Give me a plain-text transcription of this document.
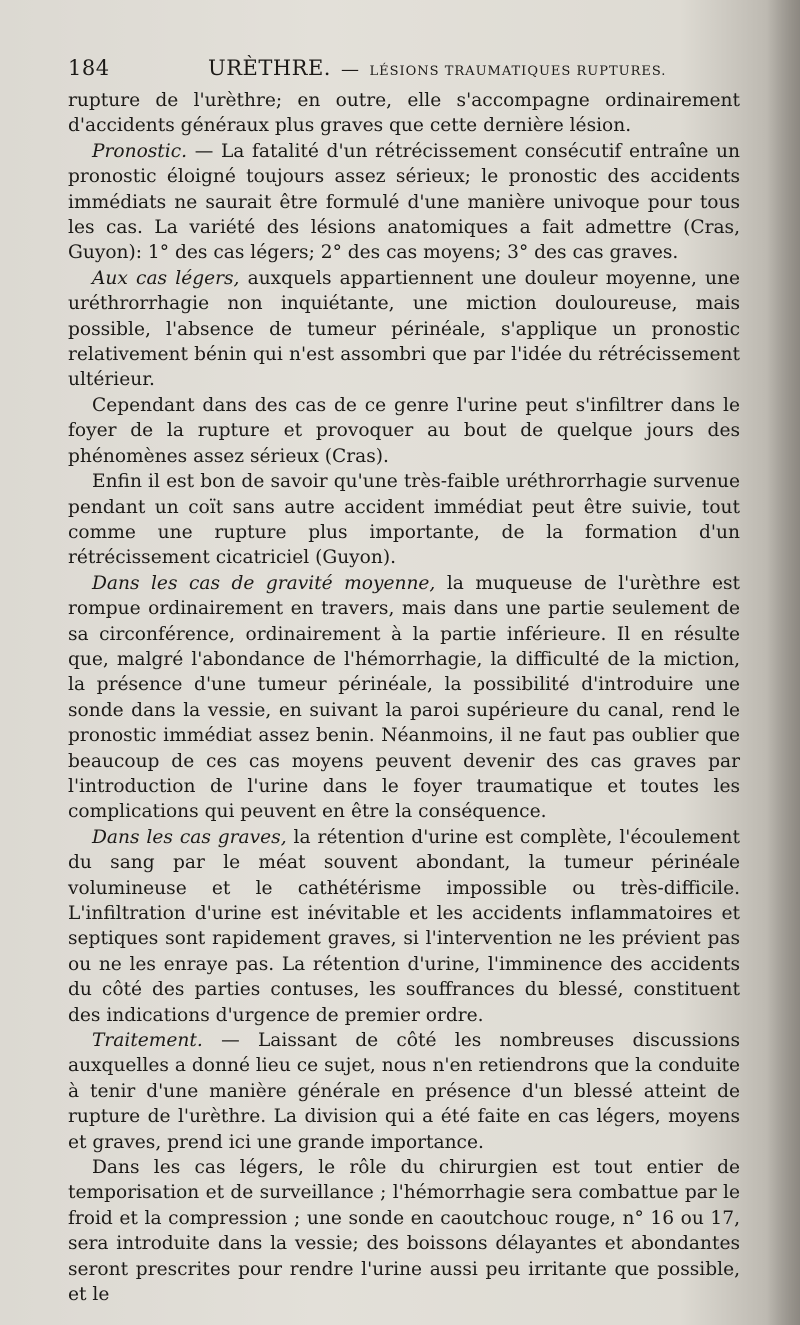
184	URÈTHRE. — LÉSIONS TRAUMATIQUES RUPTURES.

rupture de l'urèthre; en outre, elle s'accompagne ordinairement d'accidents généraux plus graves que cette dernière lésion.

Pronostic. — La fatalité d'un rétrécissement consécutif entraîne un pronostic éloigné toujours assez sérieux; le pronostic des accidents immédiats ne saurait être formulé d'une manière univoque pour tous les cas. La variété des lésions anatomiques a fait admettre (Cras, Guyon): 1° des cas légers; 2° des cas moyens; 3° des cas graves.

Aux cas légers, auxquels appartiennent une douleur moyenne, une uréthrorrhagie non inquiétante, une miction douloureuse, mais possible, l'absence de tumeur périnéale, s'applique un pronostic relativement bénin qui n'est assombri que par l'idée du rétrécissement ultérieur.

Cependant dans des cas de ce genre l'urine peut s'infiltrer dans le foyer de la rupture et provoquer au bout de quelque jours des phénomènes assez sérieux (Cras).

Enfin il est bon de savoir qu'une très-faible uréthrorrhagie survenue pendant un coït sans autre accident immédiat peut être suivie, tout comme une rupture plus importante, de la formation d'un rétrécissement cicatriciel (Guyon).

Dans les cas de gravité moyenne, la muqueuse de l'urèthre est rompue ordinairement en travers, mais dans une partie seulement de sa circonférence, ordinairement à la partie inférieure. Il en résulte que, malgré l'abondance de l'hémorrhagie, la difficulté de la miction, la présence d'une tumeur périnéale, la possibilité d'introduire une sonde dans la vessie, en suivant la paroi supérieure du canal, rend le pronostic immédiat assez benin. Néanmoins, il ne faut pas oublier que beaucoup de ces cas moyens peuvent devenir des cas graves par l'introduction de l'urine dans le foyer traumatique et toutes les complications qui peuvent en être la conséquence.

Dans les cas graves, la rétention d'urine est complète, l'écoulement du sang par le méat souvent abondant, la tumeur périnéale volumineuse et le cathétérisme impossible ou très-difficile. L'infiltration d'urine est inévitable et les accidents inflammatoires et septiques sont rapidement graves, si l'intervention ne les prévient pas ou ne les enraye pas. La rétention d'urine, l'imminence des accidents du côté des parties contuses, les souffrances du blessé, constituent des indications d'urgence de premier ordre.

Traitement. — Laissant de côté les nombreuses discussions auxquelles a donné lieu ce sujet, nous n'en retiendrons que la conduite à tenir d'une manière générale en présence d'un blessé atteint de rupture de l'urèthre. La division qui a été faite en cas légers, moyens et graves, prend ici une grande importance.

Dans les cas légers, le rôle du chirurgien est tout entier de temporisation et de surveillance ; l'hémorrhagie sera combattue par le froid et la compression ; une sonde en caoutchouc rouge, n° 16 ou 17, sera introduite dans la vessie; des boissons délayantes et abondantes seront prescrites pour rendre l'urine aussi peu irritante que possible, et le
